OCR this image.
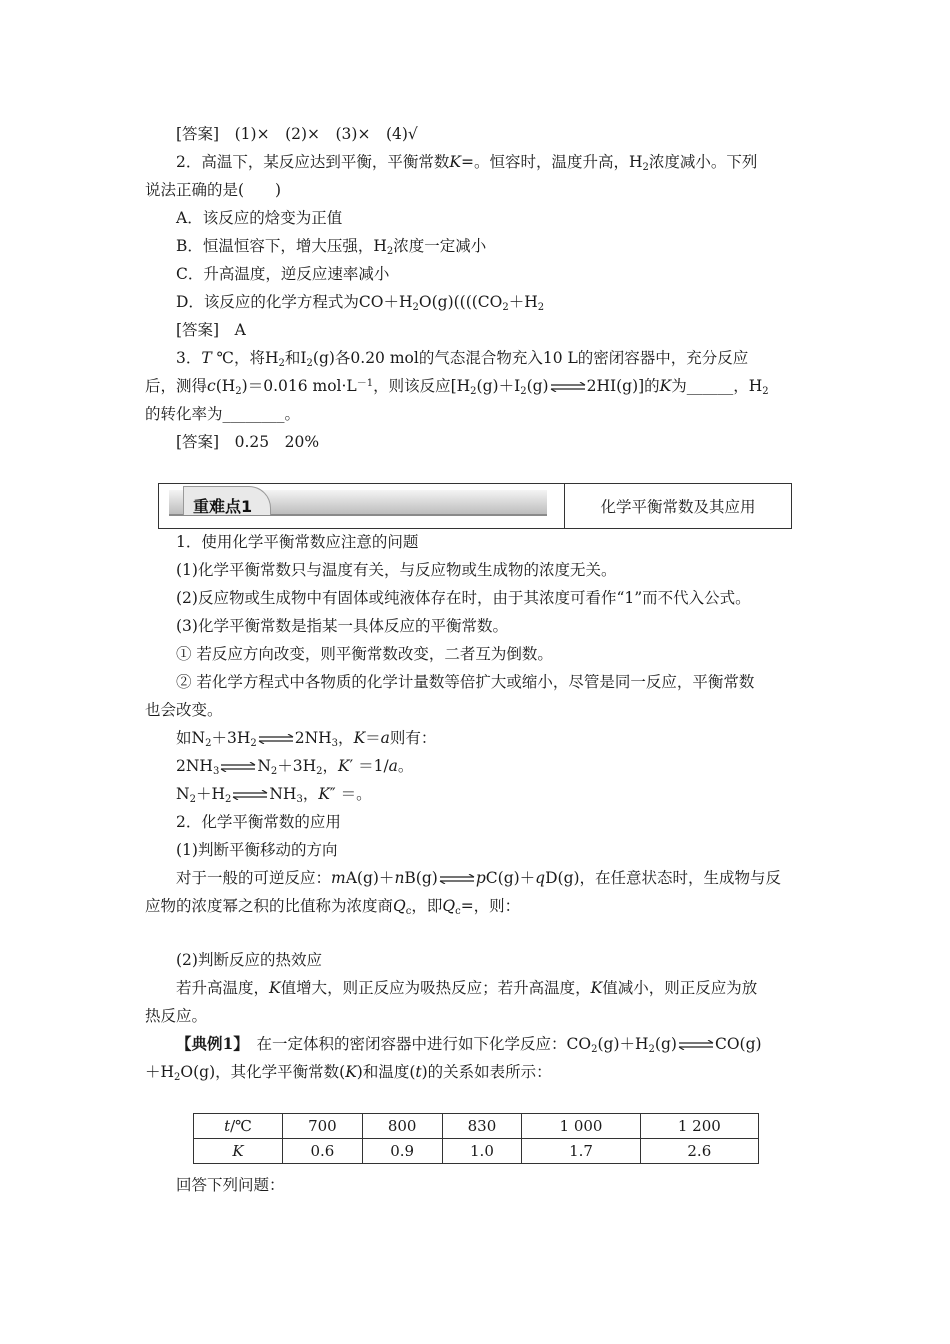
[答案]　 (1)×　(2)×　(3)×　(4)√
2．高温下，某反应达到平衡，平衡常数K=。恒容时，温度升高，$H_2$浓度减小。下列
说法正确的是(　　)
A．该反应的焓变为正值
B．恒温恒容下，增大压强，$H_2$浓度一定减小
C．升高温度，逆反应速率减小
D．该反应的化学方程式为$CO+H_2O(g)((((CO_2+H_2$
[答案]　 A
3．T ℃，将$H_2$和$I_2(g)$各0.20 mol的气态混合物充入10 L的密闭容器中，充分反应
后，测得$c(H_2)=0.016$ $mol\cdot L^{-1}$，则该反应[$H_2(g)+I_2(g)$ 2HI(g)]的K为______，$H_2$
的转化率为________。
[答案]　 0.25　20%
重难点1	化学平衡常数及其应用
1．使用化学平衡常数应注意的问题
(1)化学平衡常数只与温度有关，与反应物或生成物的浓度无关。
(2)反应物或生成物中有固体或纯液体存在时，由于其浓度可看作“1”而不代入公式。
(3)化学平衡常数是指某一具体反应的平衡常数。
① 若反应方向改变，则平衡常数改变，二者互为倒数。
② 若化学方程式中各物质的化学计量数等倍扩大或缩小，尽管是同一反应，平衡常数
也会改变。
如$N_2+3H_2$ $2NH_3$，K＝a则有：
$2NH_3$ $N_2+3H_2$，K′ ＝1/a。
$N_2+H_2$ $NH_3$，K″ ＝。
2．化学平衡常数的应用
(1)判断平衡移动的方向
对于一般的可逆反应：mA(g)＋nB(g) pC(g)＋qD(g)，在任意状态时，生成物与反
应物的浓度幂之积的比值称为浓度商$Q_c$，即$Q_c=$，则：
(2)判断反应的热效应
若升高温度，K值增大，则正反应为吸热反应；若升高温度，K值减小，则正反应为放
热反应。
【典例1】　在一定体积的密闭容器中进行如下化学反应：$CO_2(g)+H_2(g)$ CO(g)
$+H_2O(g)$，其化学平衡常数(K)和温度(t)的关系如表所示：
t/℃	700	800	830	1 000	1 200
K	0.6	0.9	1.0	1.7	2.6
回答下列问题：
